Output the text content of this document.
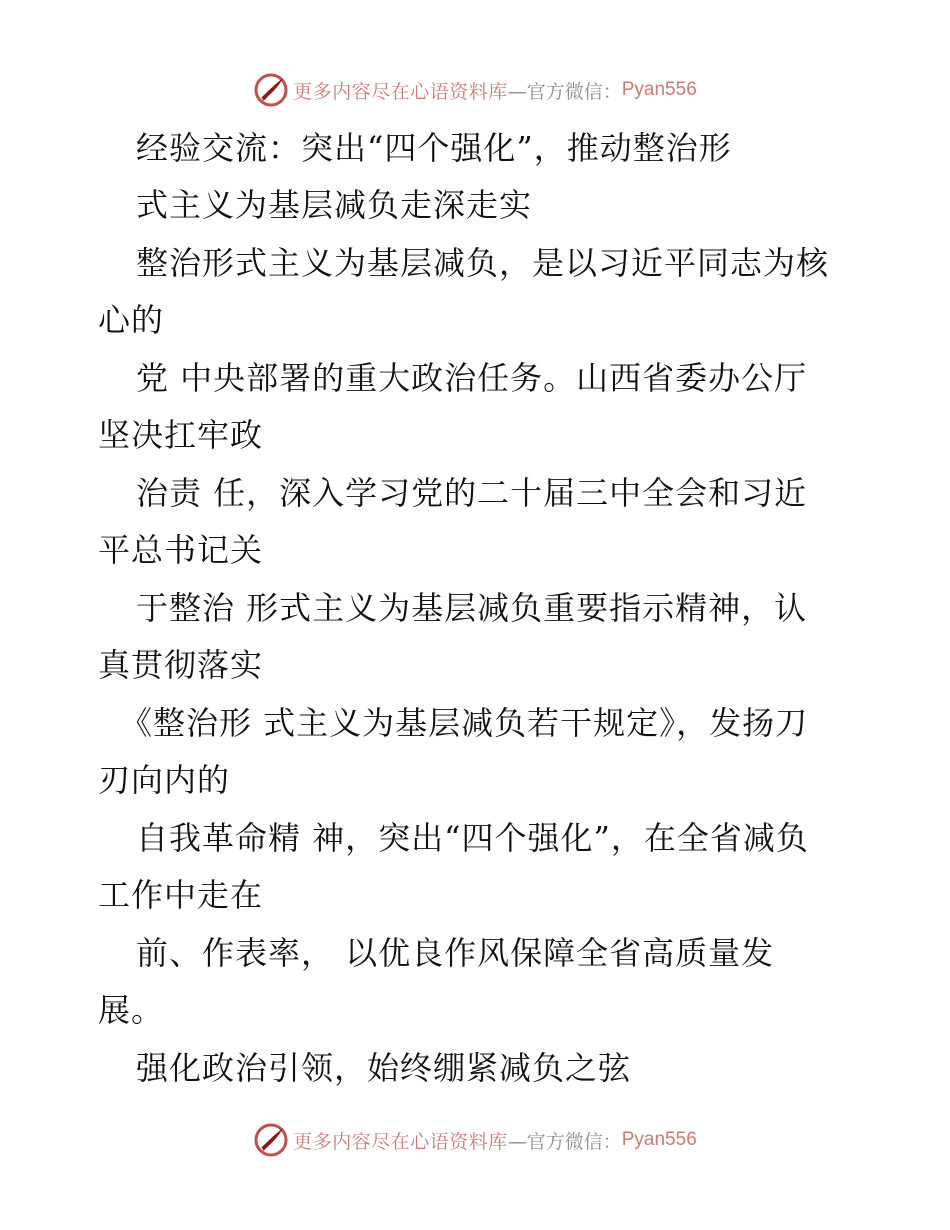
更多内容尽在心语资料库 —官方微信： Pyan556
经验交流：突出“四个强化”，推动整治形
式主义为基层减负走深走实
整治形式主义为基层减负，是以习近平同志为核
心的
党 中央部署的重大政治任务。山西省委办公厅
坚决扛牢政
治责 任，深入学习党的二十届三中全会和习近
平总书记关
于整治 形式主义为基层减负重要指示精神，认
真贯彻落实
《整治形 式主义为基层减负若干规定》，发扬刀
刃向内的
自我革命精 神，突出“四个强化”，在全省减负
工作中走在
前、作表率， 以优良作风保障全省高质量发
展。
强化政治引领，始终绷紧减负之弦
更多内容尽在心语资料库 —官方微信： Pyan556
